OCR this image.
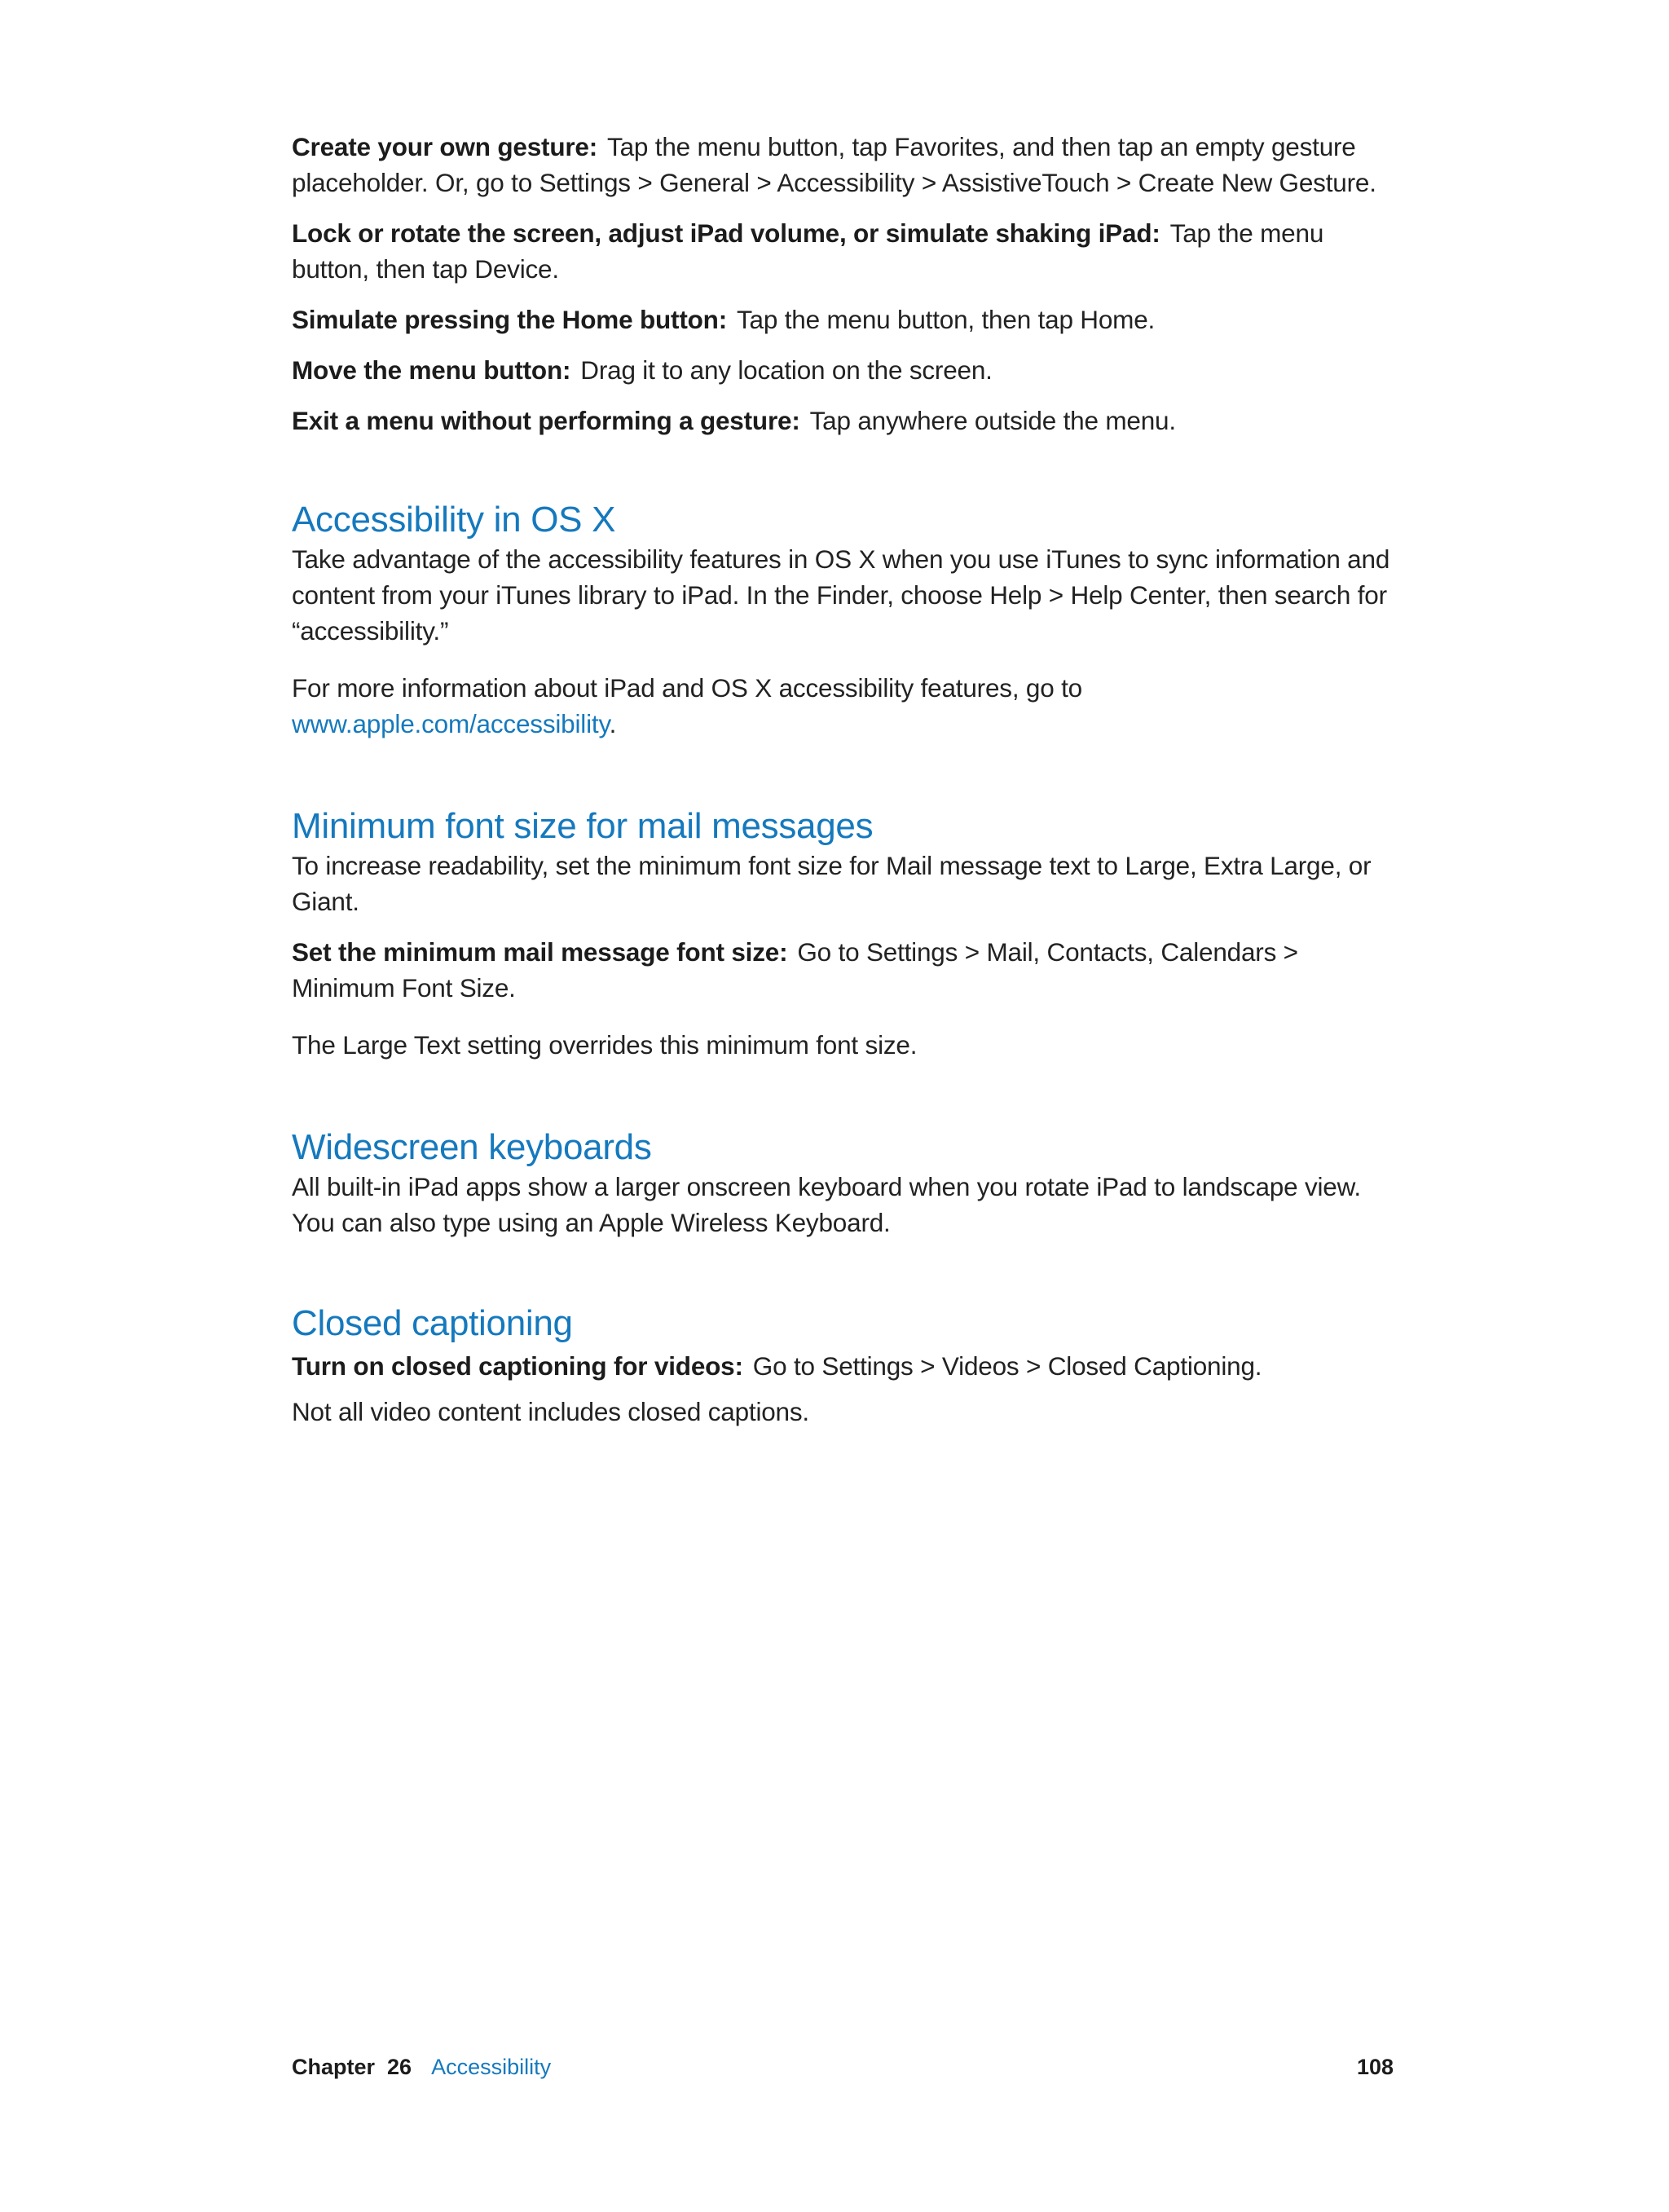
Create your own gesture: Tap the menu button, tap Favorites, and then tap an empty gesture placeholder. Or, go to Settings > General > Accessibility > AssistiveTouch > Create New Gesture.

Lock or rotate the screen, adjust iPad volume, or simulate shaking iPad: Tap the menu button, then tap Device.

Simulate pressing the Home button: Tap the menu button, then tap Home.

Move the menu button: Drag it to any location on the screen.

Exit a menu without performing a gesture: Tap anywhere outside the menu.

Accessibility in OS X

Take advantage of the accessibility features in OS X when you use iTunes to sync information and content from your iTunes library to iPad. In the Finder, choose Help > Help Center, then search for “accessibility.”

For more information about iPad and OS X accessibility features, go to
www.apple.com/accessibility.

Minimum font size for mail messages

To increase readability, set the minimum font size for Mail message text to Large, Extra Large, or Giant.

Set the minimum mail message font size: Go to Settings > Mail, Contacts, Calendars > Minimum Font Size.

The Large Text setting overrides this minimum font size.

Widescreen keyboards

All built-in iPad apps show a larger onscreen keyboard when you rotate iPad to landscape view. You can also type using an Apple Wireless Keyboard.

Closed captioning

Turn on closed captioning for videos: Go to Settings > Videos > Closed Captioning.

Not all video content includes closed captions.

Chapter  26 Accessibility	108
